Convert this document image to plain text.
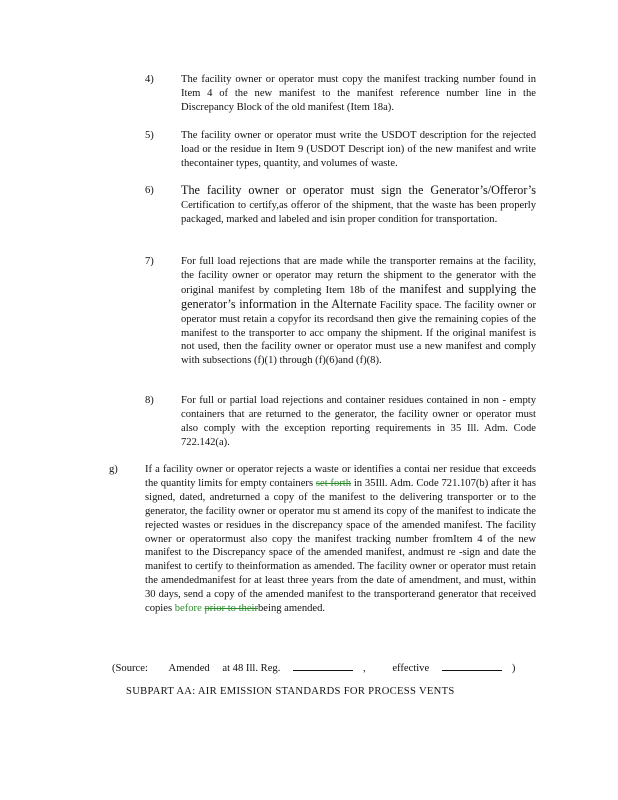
4)	The facility owner or operator must copy the manifest tracking number found in Item 4 of the new manifest to the manifest reference number line in the Discrepancy Block of the old manifest (Item 18a).
5)	The facility owner or operator must write the USDOT description for the rejected load or the residue in Item 9 (USDOT Descript ion) of the new manifest and write thecontainer types, quantity, and volumes of waste.
6) The facility owner or operator must sign the Generator’s/Offeror’s Certification to certify,as offeror of the shipment, that the waste has been properly packaged, marked and labeled and isin proper condition for transportation.
7)	For full load rejections that are made while the transporter remains at the facility, the facility owner or operator may return the shipment to the generator with the original manifest by completing Item 18b of the manifest and supplying the generator’s information in the Alternate Facility space. The facility owner or operator must retain a copyfor its recordsand then give the remaining copies of the manifest to the transporter to acc ompany the shipment. If the original manifest is not used, then the facility owner or operator must use a new manifest and comply with subsections (f)(1) through (f)(6)and (f)(8).
8)	For full or partial load rejections and container residues contained in non - empty containers that are returned to the generator, the facility owner or operator must also comply with the exception reporting requirements in 35 Ill. Adm. Code 722.142(a).
g)	If a facility owner or operator rejects a waste or identifies a contai ner residue that exceeds the quantity limits for empty containers set forth in 35Ill. Adm. Code 721.107(b) after it has signed, dated, andreturned a copy of the manifest to the delivering transporter or to the generator, the facility owner or operator mu st amend its copy of the manifest to indicate the rejected wastes or residues in the discrepancy space of the amended manifest. The facility owner or operatormust also copy the manifest tracking number fromItem 4 of the new manifest to the Discrepancy space of the amended manifest, andmust re -sign and date the manifest to certify to theinformation as amended. The facility owner or operator must retain the amendedmanifest for at least three years from the date of amendment, and must, within 30 days, send a copy of the amended manifest to the transporterand generator that received copies before prior to theirbeing amended.
(Source: Amended at 48 Ill. Reg.	,	effective	)
SUBPART AA: AIR EMISSION STANDARDS FOR PROCESS VENTS
